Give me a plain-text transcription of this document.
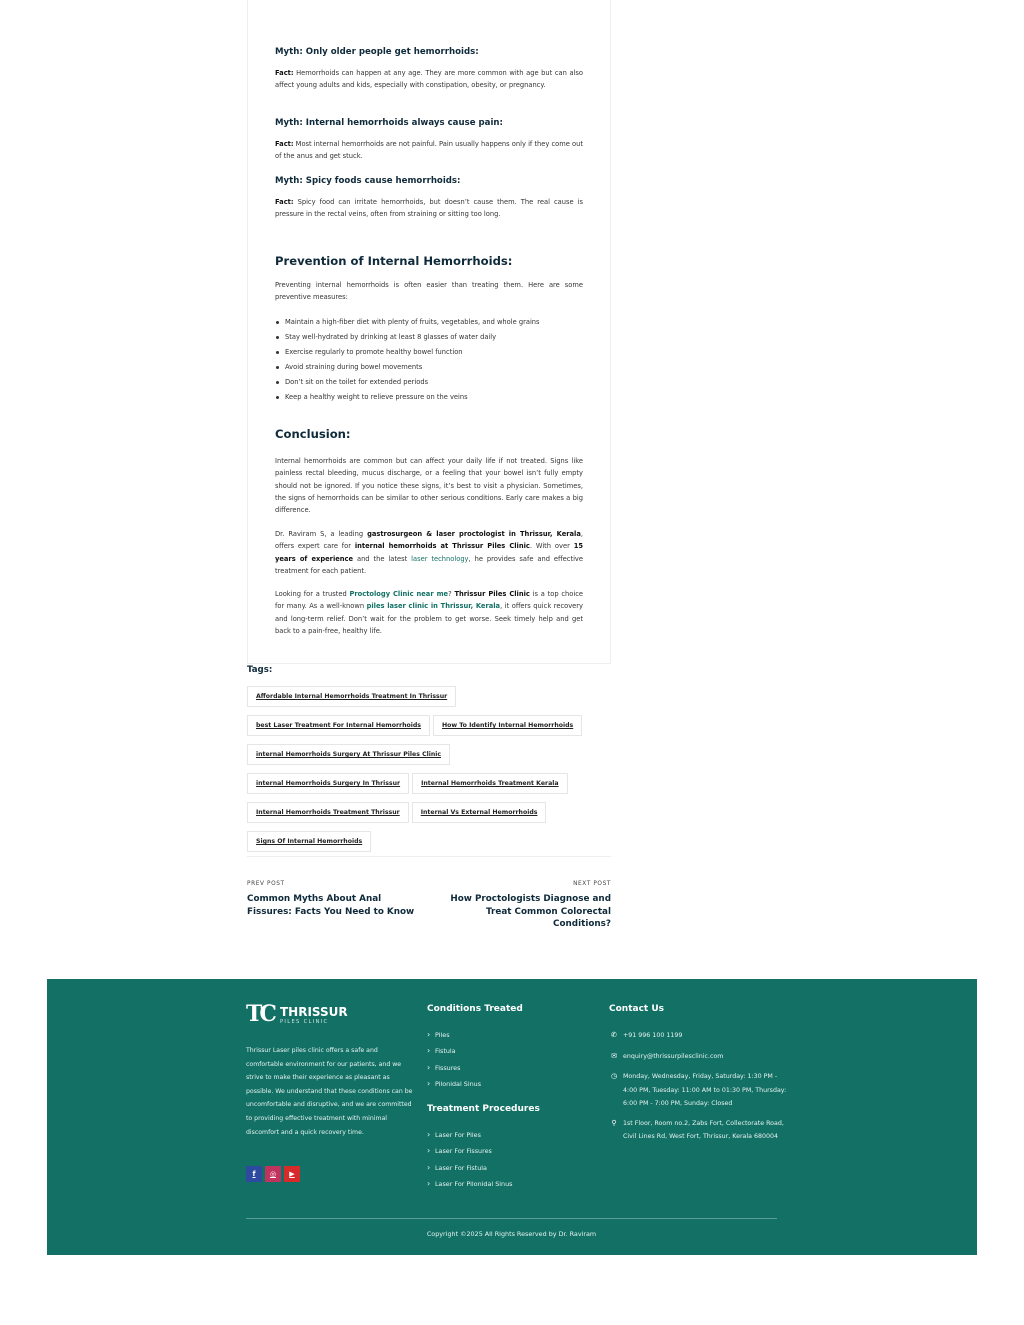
Myth: Only older people get hemorrhoids:

Fact: Hemorrhoids can happen at any age. They are more common with age but can also affect young adults and kids, especially with constipation, obesity, or pregnancy.

Myth: Internal hemorrhoids always cause pain:

Fact: Most internal hemorrhoids are not painful. Pain usually happens only if they come out of the anus and get stuck.

Myth: Spicy foods cause hemorrhoids:

Fact: Spicy food can irritate hemorrhoids, but doesn’t cause them. The real cause is pressure in the rectal veins, often from straining or sitting too long.

Prevention of Internal Hemorrhoids:

Preventing internal hemorrhoids is often easier than treating them. Here are some preventive measures:

Maintain a high-fiber diet with plenty of fruits, vegetables, and whole grains
Stay well-hydrated by drinking at least 8 glasses of water daily
Exercise regularly to promote healthy bowel function
Avoid straining during bowel movements
Don’t sit on the toilet for extended periods
Keep a healthy weight to relieve pressure on the veins
Conclusion:

Internal hemorrhoids are common but can affect your daily life if not treated. Signs like painless rectal bleeding, mucus discharge, or a feeling that your bowel isn’t fully empty should not be ignored. If you notice these signs, it’s best to visit a physician. Sometimes, the signs of hemorrhoids can be similar to other serious conditions. Early care makes a big difference.

Dr. Raviram S, a leading gastrosurgeon & laser proctologist in Thrissur, Kerala, offers expert care for internal hemorrhoids at Thrissur Piles Clinic. With over 15 years of experience and the latest laser technology, he provides safe and effective treatment for each patient.

Looking for a trusted Proctology Clinic near me? Thrissur Piles Clinic is a top choice for many. As a well-known piles laser clinic in Thrissur, Kerala, it offers quick recovery and long-term relief. Don’t wait for the problem to get worse. Seek timely help and get back to a pain-free, healthy life.

Tags:
Affordable Internal Hemorrhoids Treatment In Thrissur
best Laser Treatment For Internal Hemorrhoids	How To Identify Internal Hemorrhoids
internal Hemorrhoids Surgery At Thrissur Piles Clinic
internal Hemorrhoids Surgery In Thrissur	Internal Hemorrhoids Treatment Kerala
Internal Hemorrhoids Treatment Thrissur	Internal Vs External Hemorrhoids
Signs Of Internal Hemorrhoids
PREV POST
Common Myths About Anal Fissures: Facts You Need to Know
NEXT POST
How Proctologists Diagnose and Treat Common Colorectal Conditions?
TC THRISSUR
PILES CLINIC
Thrissur Laser piles clinic offers a safe and comfortable environment for our patients, and we strive to make their experience as pleasant as possible. We understand that these conditions can be uncomfortable and disruptive, and we are committed to providing effective treatment with minimal discomfort and a quick recovery time.
f	◎	▶
Conditions Treated
› Piles
› Fistula
› Fissures
› Pilonidal Sinus
Treatment Procedures
› Laser For Piles
› Laser For Fissures
› Laser For Fistula
› Laser For Pilonidal Sinus
Contact Us
✆ +91 996 100 1199
✉ enquiry@thrissurpilesclinic.com
◷ Monday, Wednesday, Friday, Saturday: 1:30 PM - 4:00 PM, Tuesday: 11:00 AM to 01:30 PM, Thursday: 6:00 PM - 7:00 PM, Sunday: Closed
⚲	1st Floor, Room no.2, Zabs Fort, Collectorate Road, Civil Lines Rd, West Fort, Thrissur, Kerala 680004
Copyright ©2025 All Rights Reserved by Dr. Raviram
